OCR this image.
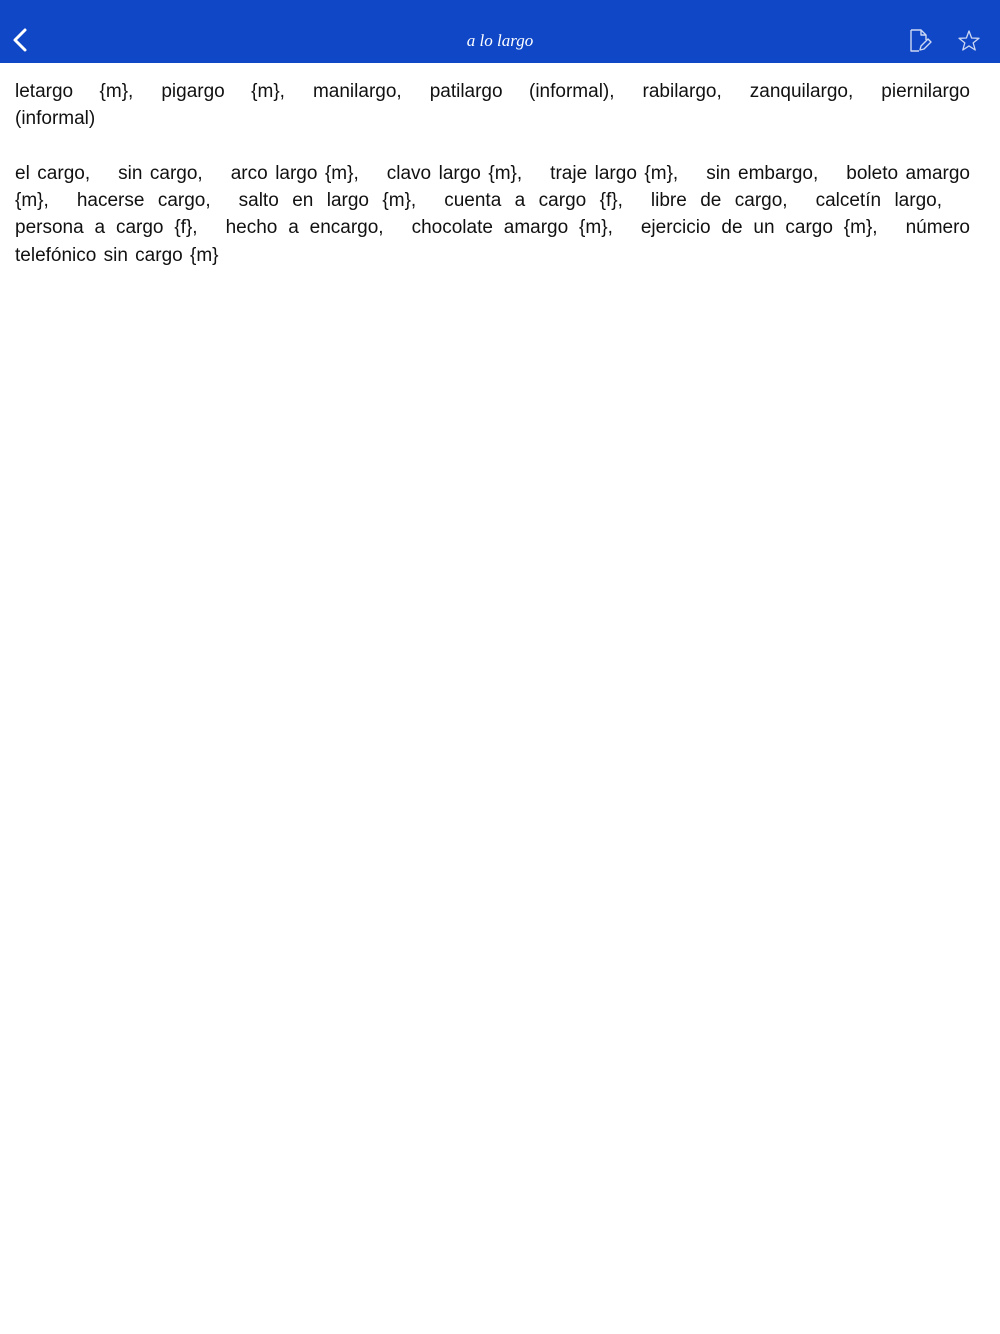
a lo largo

letargo {m}, pigargo {m}, manilargo, patilargo (informal), rabilargo, zanquilargo, piernilargo (informal)

el cargo, sin cargo, arco largo {m}, clavo largo {m}, traje largo {m}, sin embargo, boleto amargo {m}, hacerse cargo, salto en largo {m}, cuenta a cargo {f}, libre de cargo, calcetín largo,persona a cargo {f}, hecho a encargo, chocolate amargo {m}, ejercicio de un cargo {m}, número telefónico sin cargo {m}
